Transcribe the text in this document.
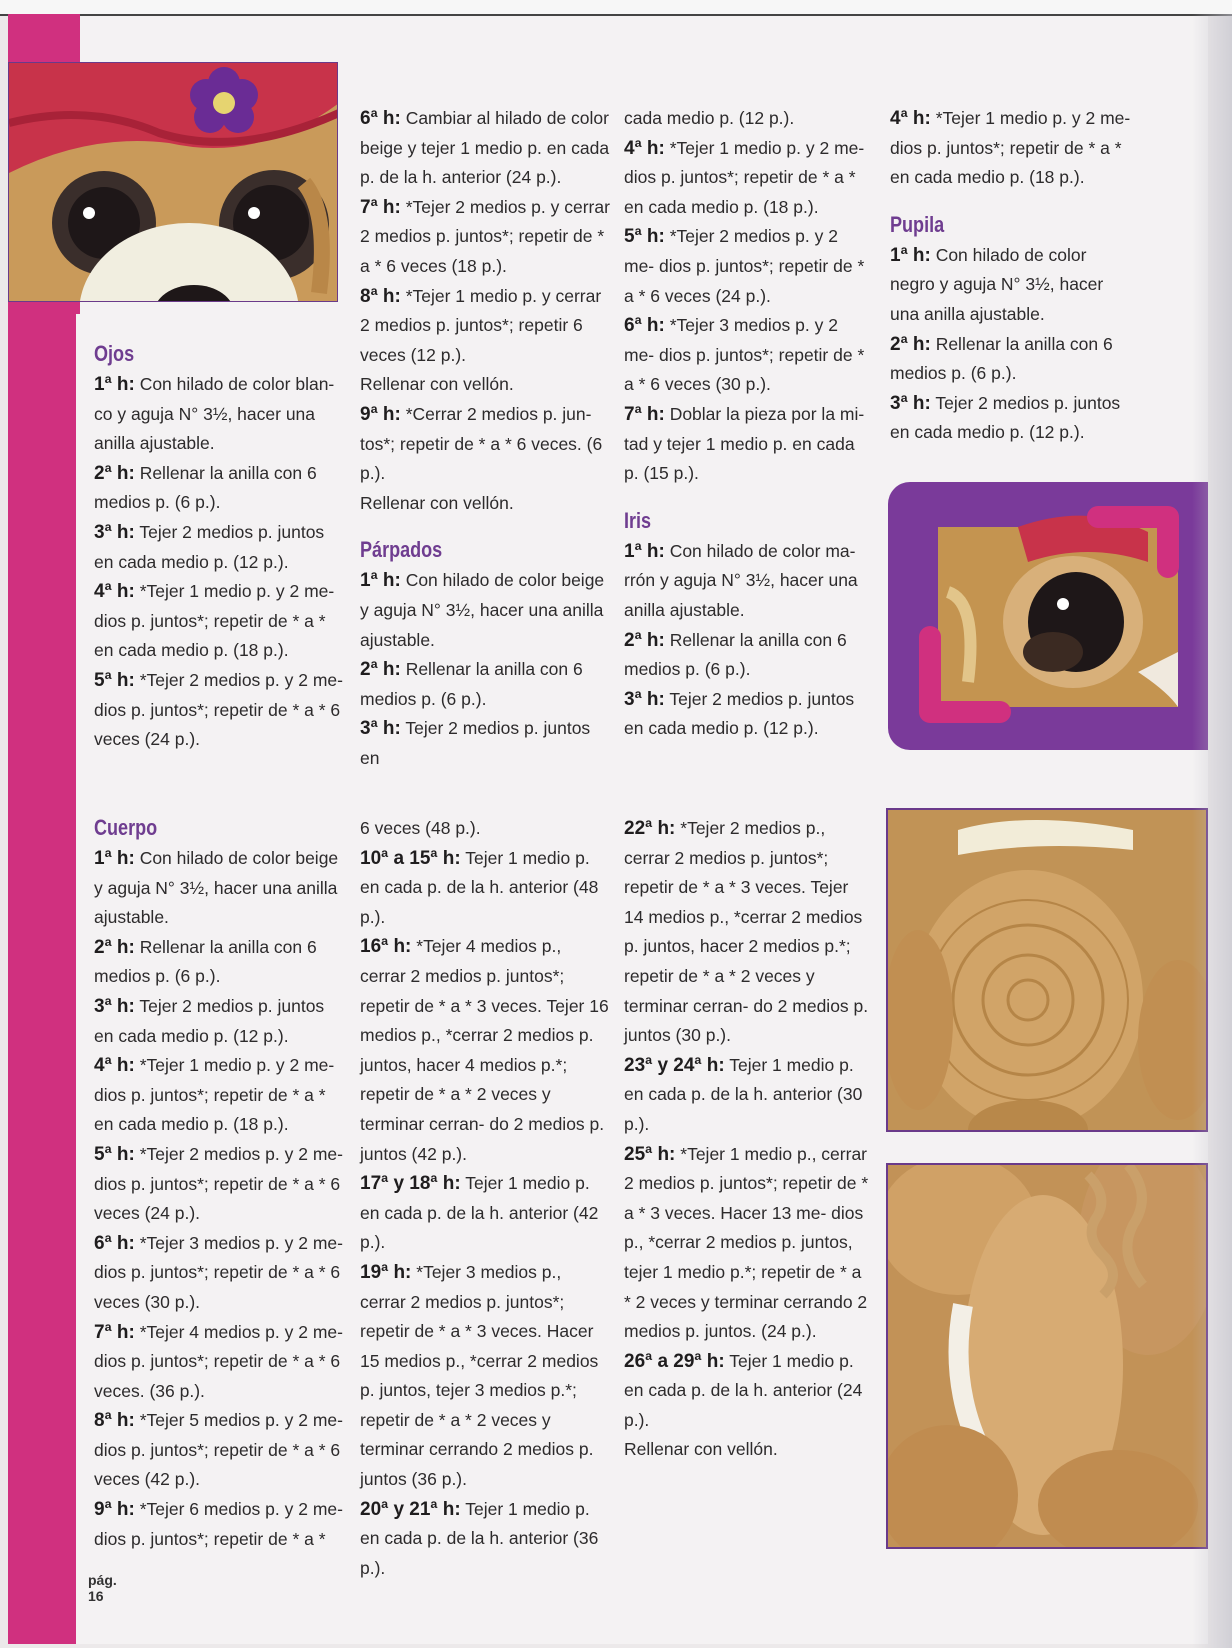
Ojos

1ª h: Con hilado de color blan- co y aguja N° 3½, hacer una anilla ajustable.

2ª h: Rellenar la anilla con 6 medios p. (6 p.).

3ª h: Tejer 2 medios p. juntos en cada medio p. (12 p.).

4ª h: *Tejer 1 medio p. y 2 me- dios p. juntos*; repetir de * a * en cada medio p. (18 p.).

5ª h: *Tejer 2 medios p. y 2 me- dios p. juntos*; repetir de * a * 6 veces (24 p.).

6ª h: Cambiar al hilado de color beige y tejer 1 medio p. en cada p. de la h. anterior (24 p.).

7ª h: *Tejer 2 medios p. y cerrar 2 medios p. juntos*; repetir de * a * 6 veces (18 p.).

8ª h: *Tejer 1 medio p. y cerrar 2 medios p. juntos*; repetir 6 veces (12 p.).

Rellenar con vellón.

9ª h: *Cerrar 2 medios p. jun- tos*; repetir de * a * 6 veces. (6 p.).

Rellenar con vellón.

Párpados

1ª h: Con hilado de color beige y aguja N° 3½, hacer una anilla ajustable.

2ª h: Rellenar la anilla con 6 medios p. (6 p.).

3ª h: Tejer 2 medios p. juntos en

cada medio p. (12 p.).

4ª h: *Tejer 1 medio p. y 2 me- dios p. juntos*; repetir de * a * en cada medio p. (18 p.).

5ª h: *Tejer 2 medios p. y 2 me- dios p. juntos*; repetir de * a * 6 veces (24 p.).

6ª h: *Tejer 3 medios p. y 2 me- dios p. juntos*; repetir de * a * 6 veces (30 p.).

7ª h: Doblar la pieza por la mi- tad y tejer 1 medio p. en cada p. (15 p.).

Iris

1ª h: Con hilado de color ma- rrón y aguja N° 3½, hacer una anilla ajustable.

2ª h: Rellenar la anilla con 6 medios p. (6 p.).

3ª h: Tejer 2 medios p. juntos en cada medio p. (12 p.).

4ª h: *Tejer 1 medio p. y 2 me- dios p. juntos*; repetir de * a * en cada medio p. (18 p.).

Pupila

1ª h: Con hilado de color negro y aguja N° 3½, hacer una anilla ajustable.

2ª h: Rellenar la anilla con 6 medios p. (6 p.).

3ª h: Tejer 2 medios p. juntos en cada medio p. (12 p.).

Cuerpo

1ª h: Con hilado de color beige y aguja N° 3½, hacer una anilla ajustable.

2ª h: Rellenar la anilla con 6 medios p. (6 p.).

3ª h: Tejer 2 medios p. juntos en cada medio p. (12 p.).

4ª h: *Tejer 1 medio p. y 2 me- dios p. juntos*; repetir de * a * en cada medio p. (18 p.).

5ª h: *Tejer 2 medios p. y 2 me- dios p. juntos*; repetir de * a * 6 veces (24 p.).

6ª h: *Tejer 3 medios p. y 2 me- dios p. juntos*; repetir de * a * 6 veces (30 p.).

7ª h: *Tejer 4 medios p. y 2 me- dios p. juntos*; repetir de * a * 6 veces. (36 p.).

8ª h: *Tejer 5 medios p. y 2 me- dios p. juntos*; repetir de * a * 6 veces (42 p.).

9ª h: *Tejer 6 medios p. y 2 me- dios p. juntos*; repetir de * a *

6 veces (48 p.).

10ª a 15ª h: Tejer 1 medio p. en cada p. de la h. anterior (48 p.).

16ª h: *Tejer 4 medios p., cerrar 2 medios p. juntos*; repetir de * a * 3 veces. Tejer 16 medios p., *cerrar 2 medios p. juntos, hacer 4 medios p.*; repetir de * a * 2 veces y terminar cerran- do 2 medios p. juntos (42 p.).

17ª y 18ª h: Tejer 1 medio p. en cada p. de la h. anterior (42 p.).

19ª h: *Tejer 3 medios p., cerrar 2 medios p. juntos*; repetir de * a * 3 veces. Hacer 15 medios p., *cerrar 2 medios p. juntos, tejer 3 medios p.*; repetir de * a * 2 veces y terminar cerrando 2 medios p. juntos (36 p.).

20ª y 21ª h: Tejer 1 medio p. en cada p. de la h. anterior (36 p.).

22ª h: *Tejer 2 medios p., cerrar 2 medios p. juntos*; repetir de * a * 3 veces. Tejer 14 medios p., *cerrar 2 medios p. juntos, hacer 2 medios p.*; repetir de * a * 2 veces y terminar cerran- do 2 medios p. juntos (30 p.).

23ª y 24ª h: Tejer 1 medio p. en cada p. de la h. anterior (30 p.).

25ª h: *Tejer 1 medio p., cerrar 2 medios p. juntos*; repetir de * a * 3 veces. Hacer 13 me- dios p., *cerrar 2 medios p. juntos, tejer 1 medio p.*; repetir de * a * 2 veces y terminar cerrando 2 medios p. juntos. (24 p.).

26ª a 29ª h: Tejer 1 medio p. en cada p. de la h. anterior (24 p.).

Rellenar con vellón.

pág.
16
